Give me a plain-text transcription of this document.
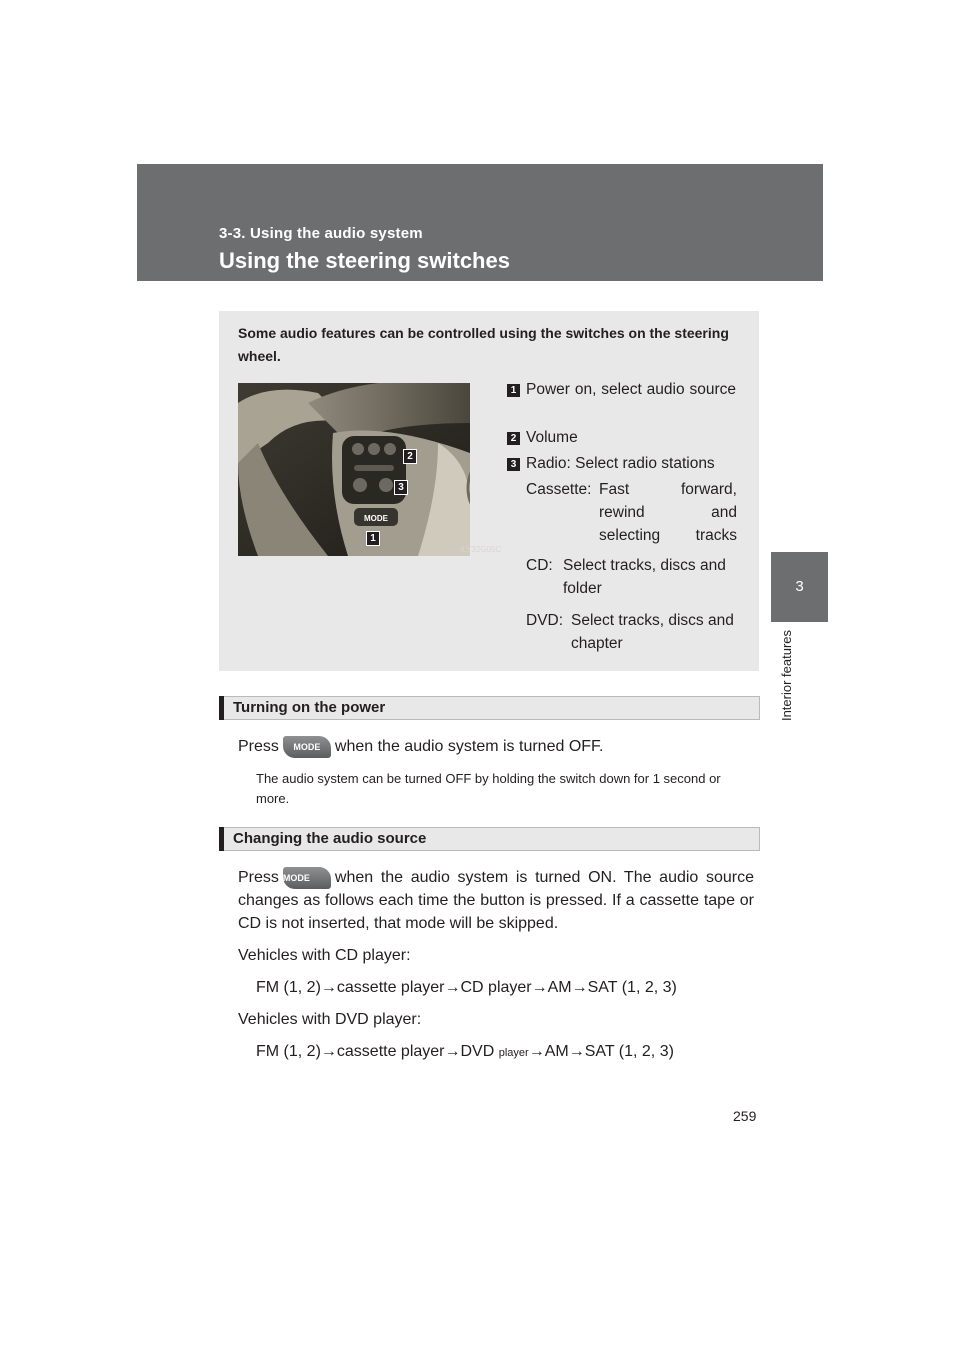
3-3. Using the audio system
Using the steering switches
3
Interior features
Some audio features can be controlled using the switches on the steering wheel.
MODE
2
3
1
ILY32G05C
1 Power on, select audio source
2 Volume
3 Radio: Select radio stations
Cassette: Fast forward, rewind and selecting tracks
CD: Select tracks, discs and folder
DVD: Select tracks, discs and chapter
Turning on the power
Press MODE when the audio system is turned OFF.
The audio system can be turned OFF by holding the switch down for 1 second or more.
Changing the audio source
Press MODE when the audio system is turned ON. The audio source
changes as follows each time the button is pressed. If a cassette tape or
CD is not inserted, that mode will be skipped.
Vehicles with CD player:
FM (1, 2)→cassette player→CD player→AM→SAT (1, 2, 3)
Vehicles with DVD player:
FM (1, 2)→cassette player→DVD player→AM→SAT (1, 2, 3)
259
